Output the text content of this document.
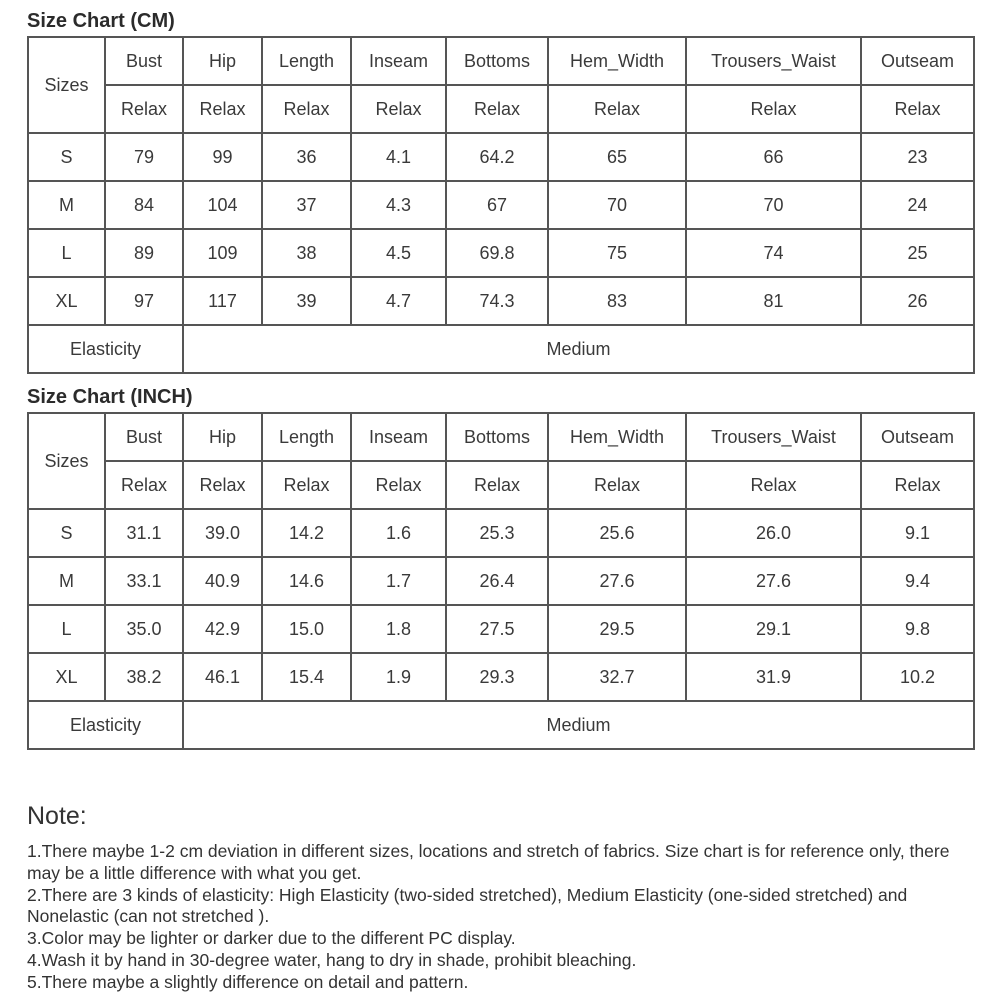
Size Chart (CM)
Sizes	Bust	Hip	Length	Inseam	Bottoms	Hem_Width	Trousers_Waist	Outseam
	Relax	Relax	Relax	Relax	Relax	Relax	Relax	Relax
S	79	99	36	4.1	64.2	65	66	23
M	84	104	37	4.3	67	70	70	24
L	89	109	38	4.5	69.8	75	74	25
XL	97	117	39	4.7	74.3	83	81	26
Elasticity		Medium						
Size Chart (INCH)
Sizes	Bust	Hip	Length	Inseam	Bottoms	Hem_Width	Trousers_Waist	Outseam
	Relax	Relax	Relax	Relax	Relax	Relax	Relax	Relax
S	31.1	39.0	14.2	1.6	25.3	25.6	26.0	9.1
M	33.1	40.9	14.6	1.7	26.4	27.6	27.6	9.4
L	35.0	42.9	15.0	1.8	27.5	29.5	29.1	9.8
XL	38.2	46.1	15.4	1.9	29.3	32.7	31.9	10.2
Elasticity		Medium						
Note:

1.There maybe 1-2 cm deviation in different sizes, locations and stretch of fabrics. Size chart is for reference only, there may be a little difference with what you get.

2.There are 3 kinds of elasticity: High Elasticity (two-sided stretched), Medium Elasticity (one-sided stretched) and Nonelastic (can not stretched ).

3.Color may be lighter or darker due to the different PC display.

4.Wash it by hand in 30-degree water, hang to dry in shade, prohibit bleaching.

5.There maybe a slightly difference on detail and pattern.
